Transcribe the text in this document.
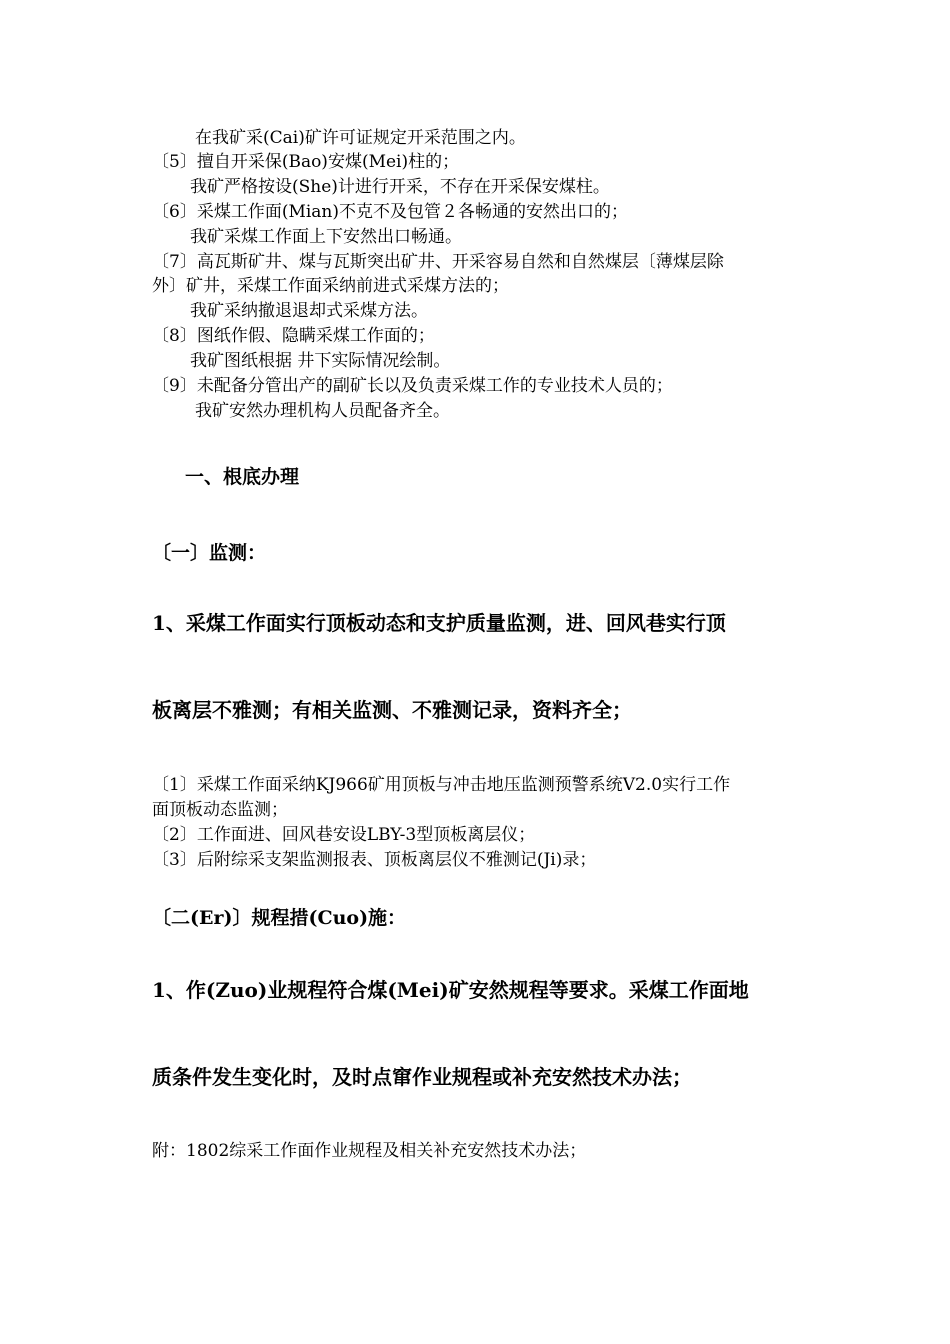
在我矿采(Cai)矿许可证规定开采范围之内。
〔5〕擅自开采保(Bao)安煤(Mei)柱的；
我矿严格按设(She)计进行开采，不存在开采保安煤柱。
〔6〕采煤工作面(Mian)不克不及包管２各畅通的安然出口的；
我矿采煤工作面上下安然出口畅通。
〔7〕高瓦斯矿井、煤与瓦斯突出矿井、开采容易自然和自然煤层〔薄煤层除
外〕矿井，采煤工作面采纳前进式采煤方法的；
我矿采纳撤退退却式采煤方法。
〔8〕图纸作假、隐瞒采煤工作面的；
我矿图纸根据 井下实际情况绘制。
〔9〕未配备分管出产的副矿长以及负责采煤工作的专业技术人员的；
我矿安然办理机构人员配备齐全。
一、根底办理
〔一〕监测：
1、采煤工作面实行顶板动态和支护质量监测，进、回风巷实行顶
板离层不雅测；有相关监测、不雅测记录，资料齐全；
〔1〕采煤工作面采纳KJ966矿用顶板与冲击地压监测预警系统V2.0实行工作
面顶板动态监测；
〔2〕工作面进、回风巷安设LBY-3型顶板离层仪；
〔3〕后附综采支架监测报表、顶板离层仪不雅测记(Ji)录；
〔二(Er)〕规程措(Cuo)施：
1、作(Zuo)业规程符合煤(Mei)矿安然规程等要求。采煤工作面地
质条件发生变化时，及时点窜作业规程或补充安然技术办法；
附：1802综采工作面作业规程及相关补充安然技术办法；
